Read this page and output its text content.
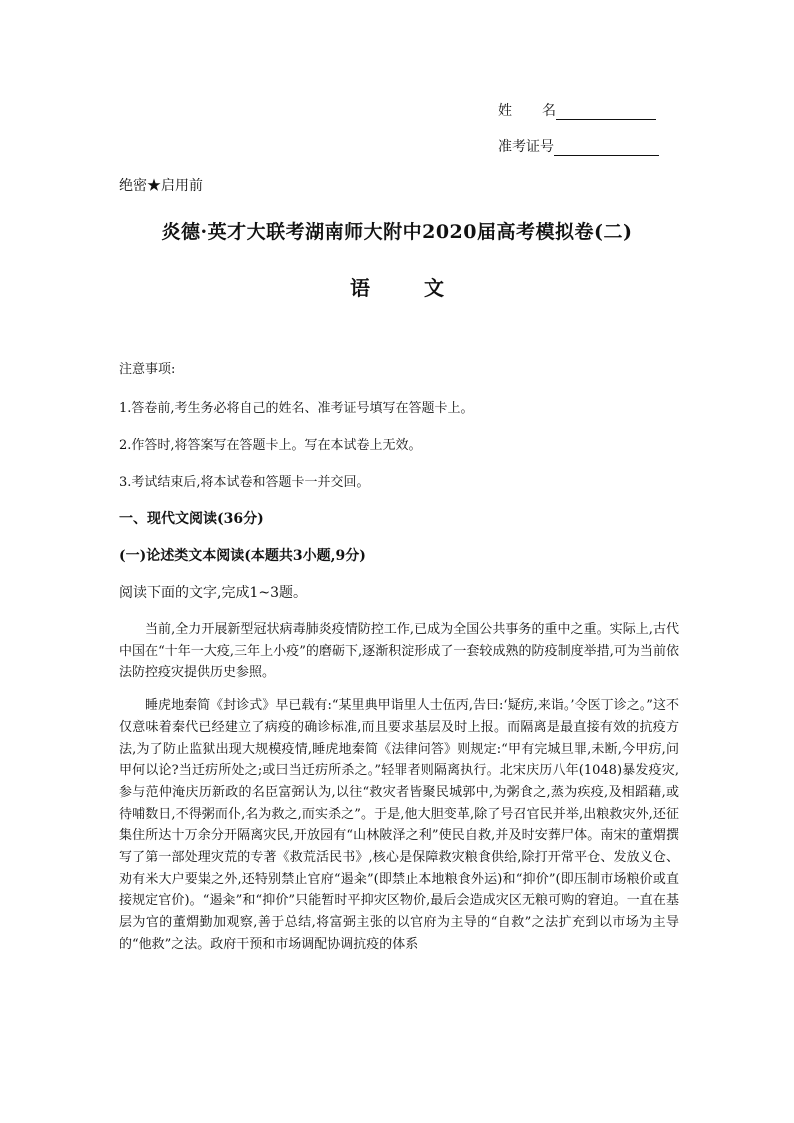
姓 名
准考证号
绝密★启用前
炎德·英才大联考湖南师大附中2020届高考模拟卷(二)
语	文
注意事项:
1.答卷前,考生务必将自己的姓名、准考证号填写在答题卡上。
2.作答时,将答案写在答题卡上。写在本试卷上无效。
3.考试结束后,将本试卷和答题卡一并交回。
一、现代文阅读(36分)
(一)论述类文本阅读(本题共3小题,9分)
阅读下面的文字,完成1~3题。

当前,全力开展新型冠状病毒肺炎疫情防控工作,已成为全国公共事务的重中之重。实际上,古代中国在“十年一大疫,三年上小疫”的磨砺下,逐渐积淀形成了一套较成熟的防疫制度举措,可为当前依法防控疫灾提供历史参照。

睡虎地秦简《封诊式》早已载有:“某里典甲诣里人士伍丙,告曰:‘疑疠,来诣。’令医丁诊之。”这不仅意味着秦代已经建立了病疫的确诊标准,而且要求基层及时上报。而隔离是最直接有效的抗疫方法,为了防止监狱出现大规模疫情,睡虎地秦简《法律问答》则规定:“甲有完城旦罪,未断,今甲疠,问甲何以论?当迁疠所处之;或曰当迁疠所杀之。”轻罪者则隔离执行。北宋庆历八年(1048)暴发疫灾,参与范仲淹庆历新政的名臣富弼认为,以往“救灾者皆聚民城郭中,为粥食之,蒸为疾疫,及相蹈藉,或待哺数日,不得粥而仆,名为救之,而实杀之”。于是,他大胆变革,除了号召官民并举,出粮救灾外,还征集住所达十万余分开隔离灾民,开放园有“山林陂泽之利”使民自救,并及时安葬尸体。南宋的董煟撰写了第一部处理灾荒的专著《救荒活民书》,核心是保障救灾粮食供给,除打开常平仓、发放义仓、劝有米大户要粜之外,还特别禁止官府“遏籴”(即禁止本地粮食外运)和“抑价”(即压制市场粮价或直接规定官价)。“遏籴”和“抑价”只能暂时平抑灾区物价,最后会造成灾区无粮可购的窘迫。一直在基层为官的董煟勤加观察,善于总结,将富弼主张的以官府为主导的“自救”之法扩充到以市场为主导的“他救”之法。政府干预和市场调配协调抗疫的体系
